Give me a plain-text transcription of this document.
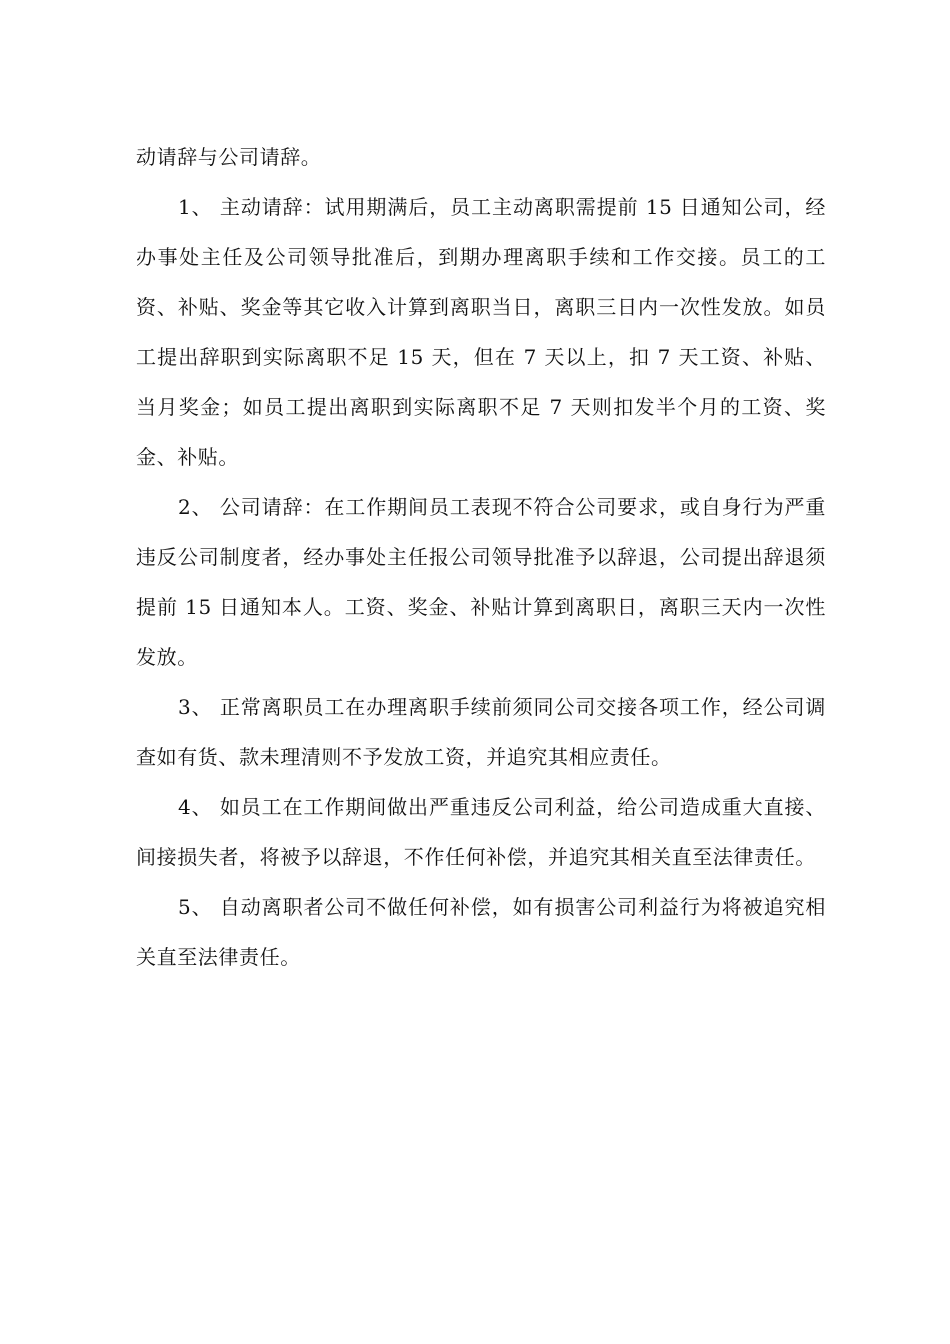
动请辞与公司请辞。

1、 主动请辞：试用期满后，员工主动离职需提前 15 日通知公司，经办事处主任及公司领导批准后，到期办理离职手续和工作交接。员工的工资、补贴、奖金等其它收入计算到离职当日，离职三日内一次性发放。如员工提出辞职到实际离职不足 15 天，但在 7 天以上，扣 7 天工资、补贴、当月奖金；如员工提出离职到实际离职不足 7 天则扣发半个月的工资、奖金、补贴。

2、 公司请辞：在工作期间员工表现不符合公司要求，或自身行为严重违反公司制度者，经办事处主任报公司领导批准予以辞退，公司提出辞退须提前 15 日通知本人。工资、奖金、补贴计算到离职日，离职三天内一次性发放。

3、 正常离职员工在办理离职手续前须同公司交接各项工作，经公司调查如有货、款未理清则不予发放工资，并追究其相应责任。

4、 如员工在工作期间做出严重违反公司利益，给公司造成重大直接、间接损失者，将被予以辞退，不作任何补偿，并追究其相关直至法律责任。

5、 自动离职者公司不做任何补偿，如有损害公司利益行为将被追究相关直至法律责任。
